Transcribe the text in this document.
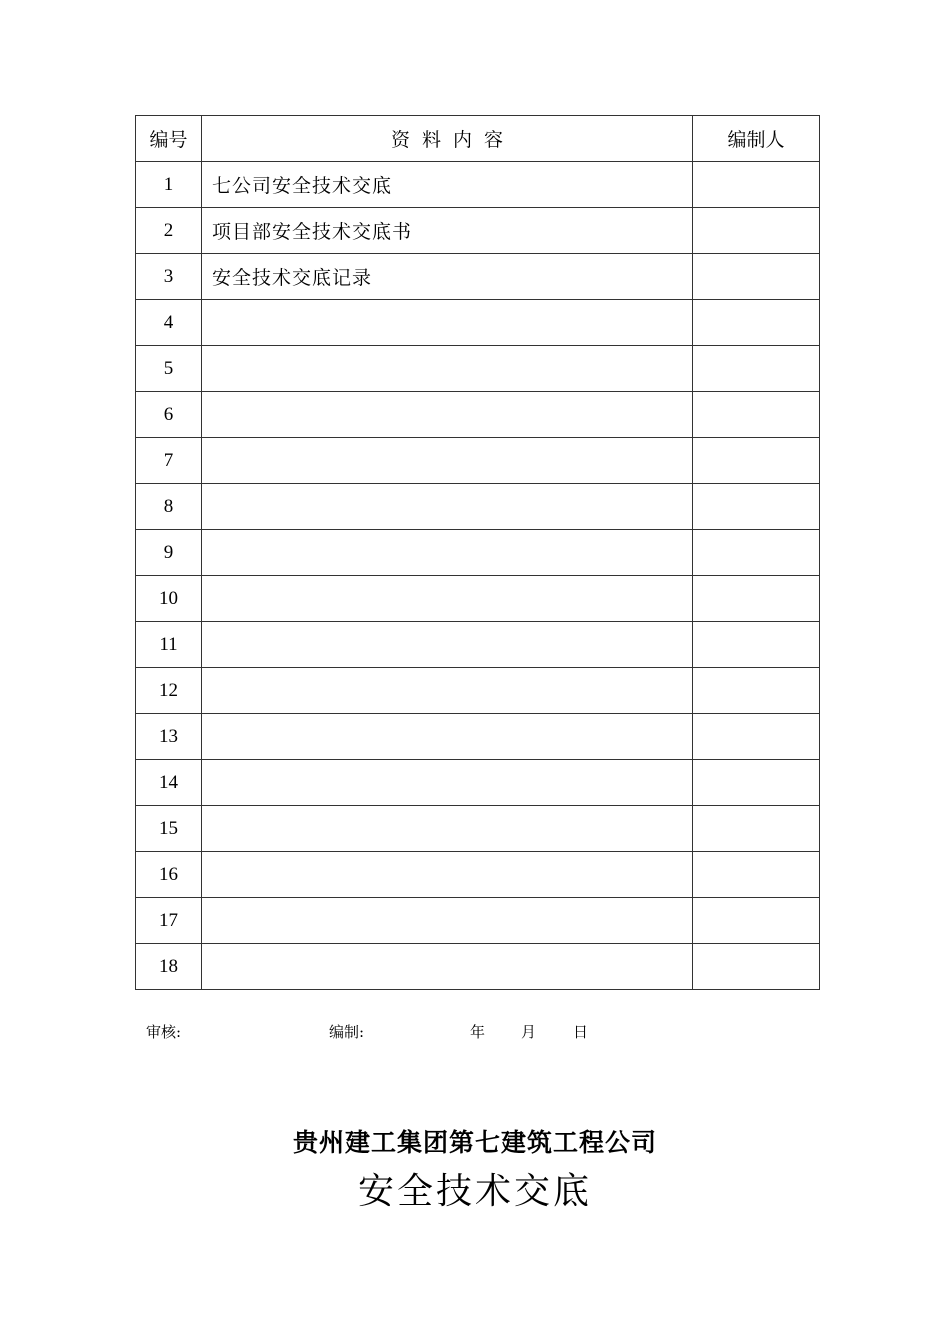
编号	资料内容	编制人
1	七公司安全技术交底	
2	项目部安全技术交底书	
3	安全技术交底记录	
4		
5		
6		
7		
8		
9		
10		
11		
12		
13		
14		
15		
16		
17		
18		
审核:	编制:	年 月 日
贵州建工集团第七建筑工程公司
安全技术交底
